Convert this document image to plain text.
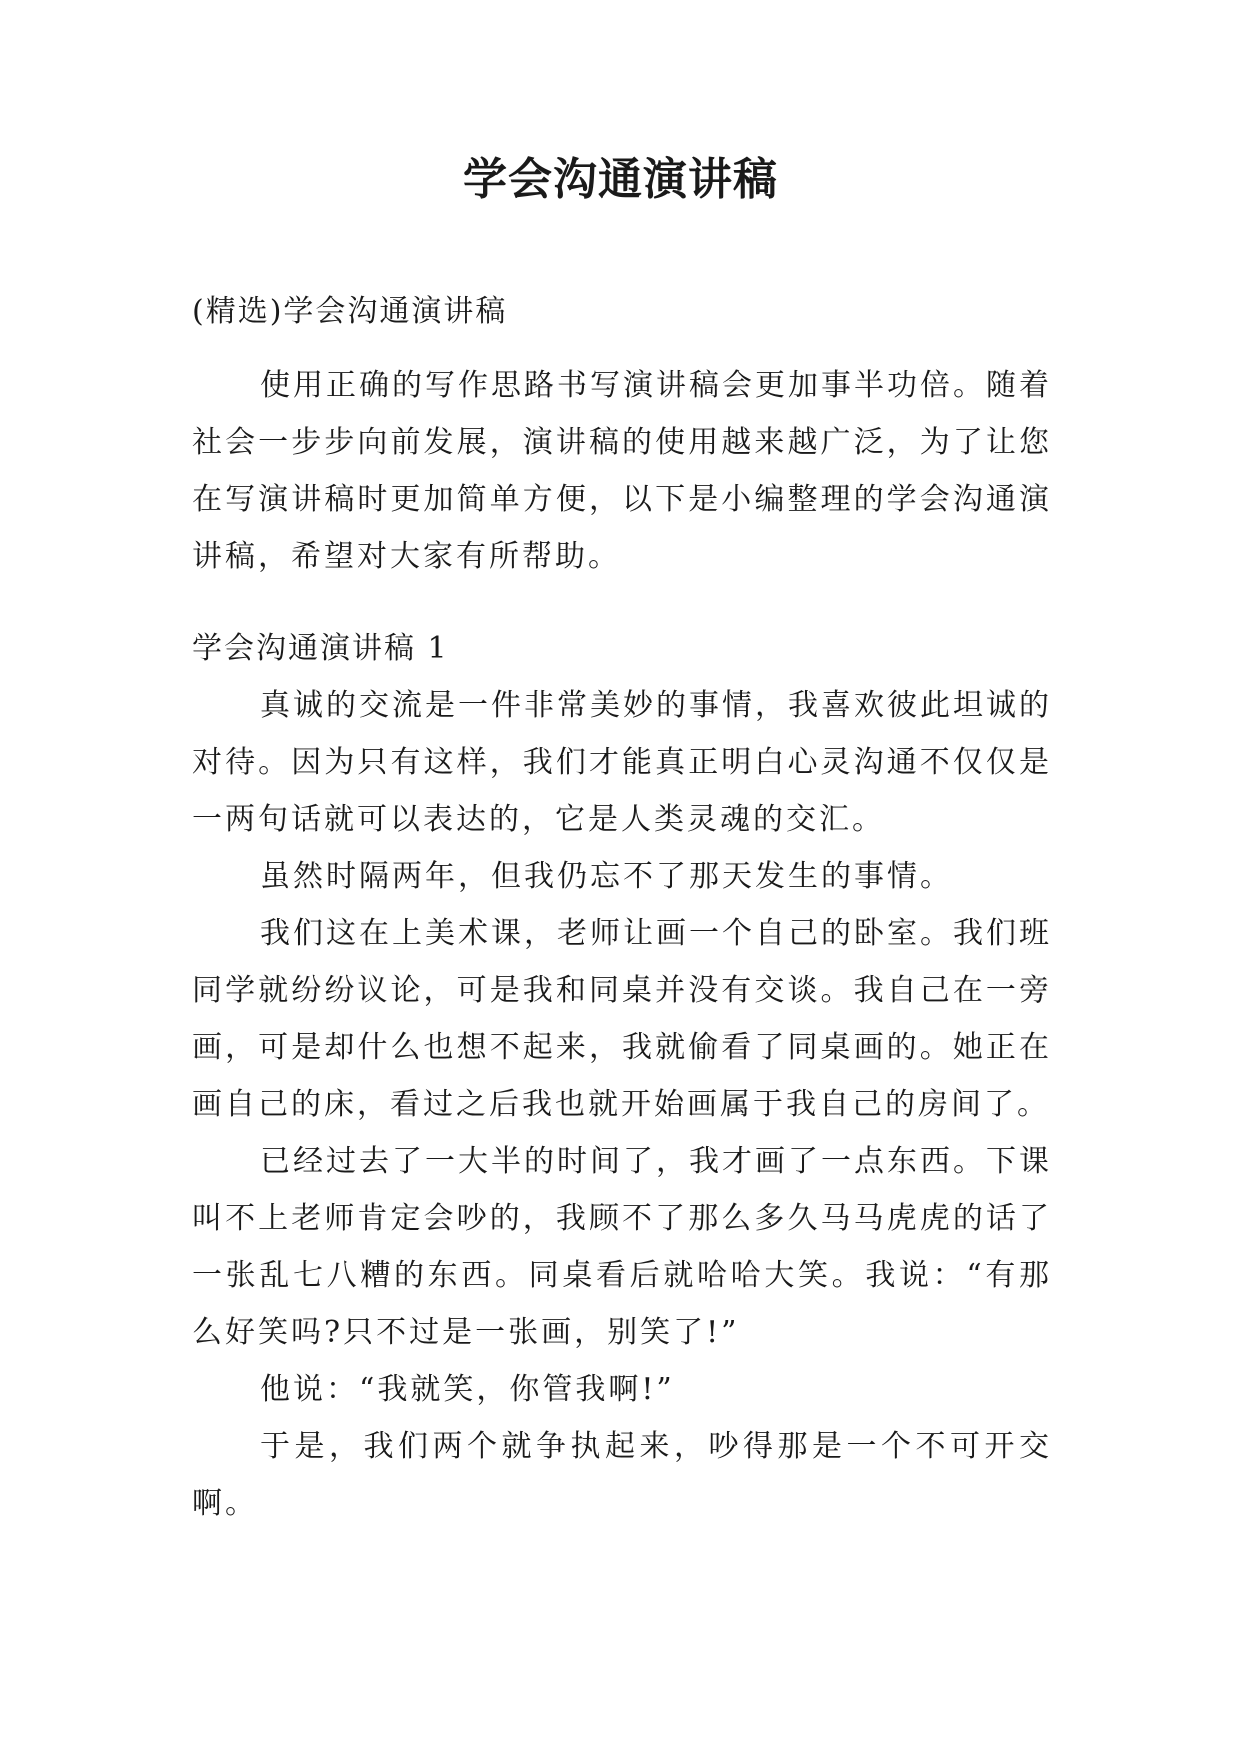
学会沟通演讲稿

(精选)学会沟通演讲稿

使用正确的写作思路书写演讲稿会更加事半功倍。随着社会一步步向前发展，演讲稿的使用越来越广泛，为了让您在写演讲稿时更加简单方便，以下是小编整理的学会沟通演讲稿，希望对大家有所帮助。

学会沟通演讲稿 1

真诚的交流是一件非常美妙的事情，我喜欢彼此坦诚的对待。因为只有这样，我们才能真正明白心灵沟通不仅仅是一两句话就可以表达的，它是人类灵魂的交汇。

虽然时隔两年，但我仍忘不了那天发生的事情。

我们这在上美术课，老师让画一个自己的卧室。我们班同学就纷纷议论，可是我和同桌并没有交谈。我自己在一旁画，可是却什么也想不起来，我就偷看了同桌画的。她正在画自己的床，看过之后我也就开始画属于我自己的房间了。

已经过去了一大半的时间了，我才画了一点东西。下课叫不上老师肯定会吵的，我顾不了那么多久马马虎虎的话了一张乱七八糟的东西。同桌看后就哈哈大笑。我说：“有那么好笑吗?只不过是一张画，别笑了!”

他说：“我就笑，你管我啊!”

于是，我们两个就争执起来，吵得那是一个不可开交啊。
